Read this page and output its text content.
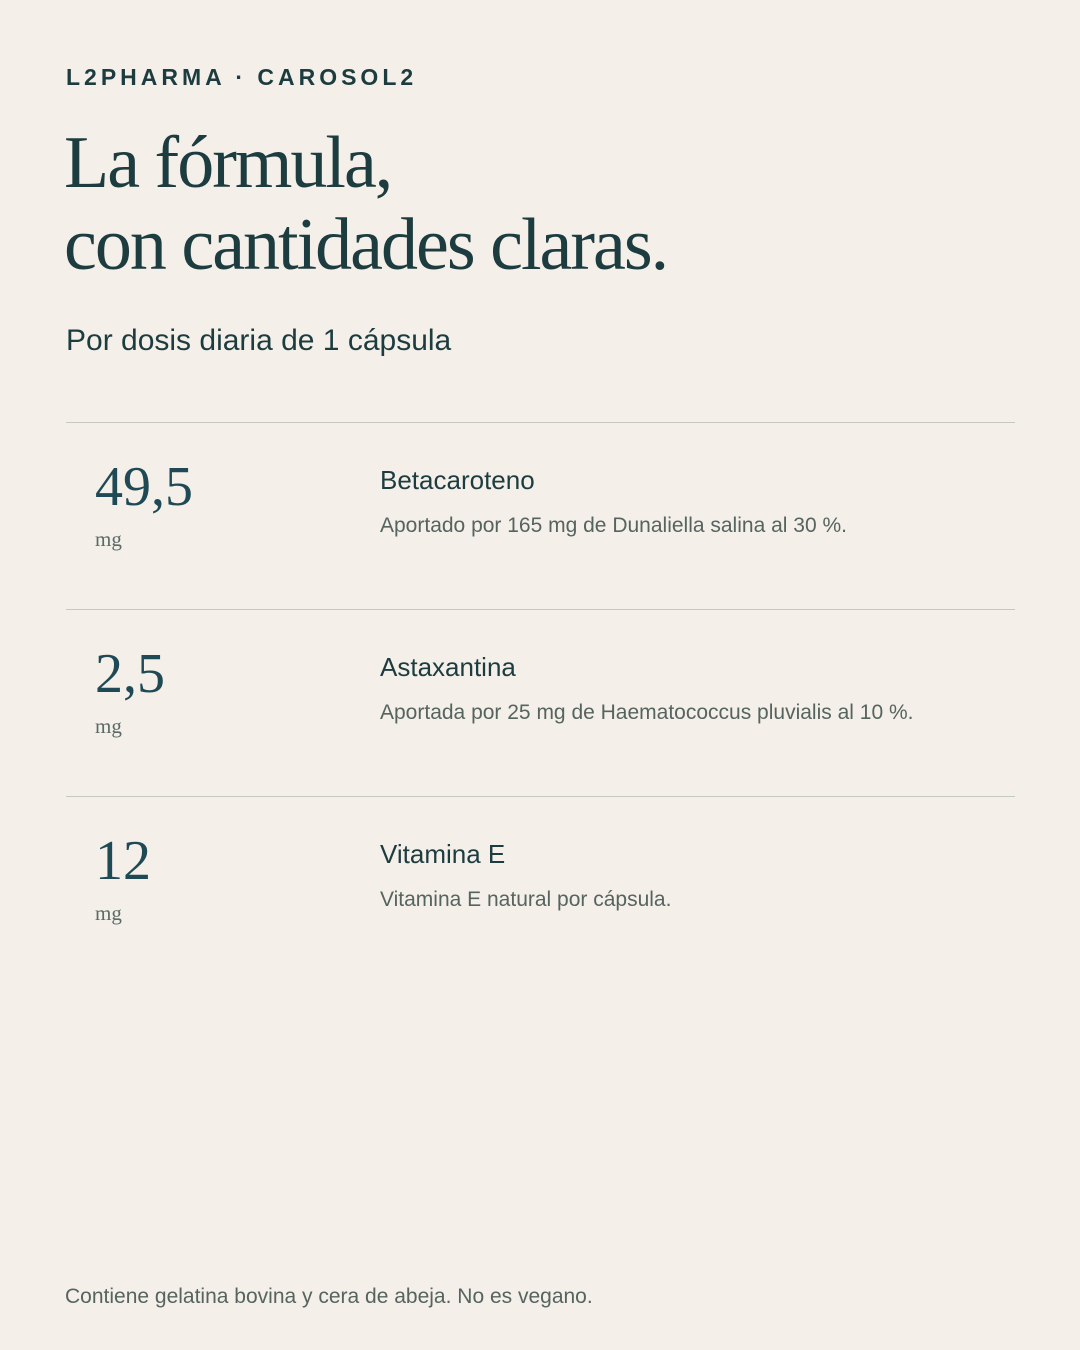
L2PHARMA · CAROSOL2
La fórmula,
con cantidades claras.
Por dosis diaria de 1 cápsula
49,5
mg
Betacaroteno
Aportado por 165 mg de Dunaliella salina al 30 %.
2,5
mg
Astaxantina
Aportada por 25 mg de Haematococcus pluvialis al 10 %.
12
mg
Vitamina E
Vitamina E natural por cápsula.
Contiene gelatina bovina y cera de abeja. No es vegano.
